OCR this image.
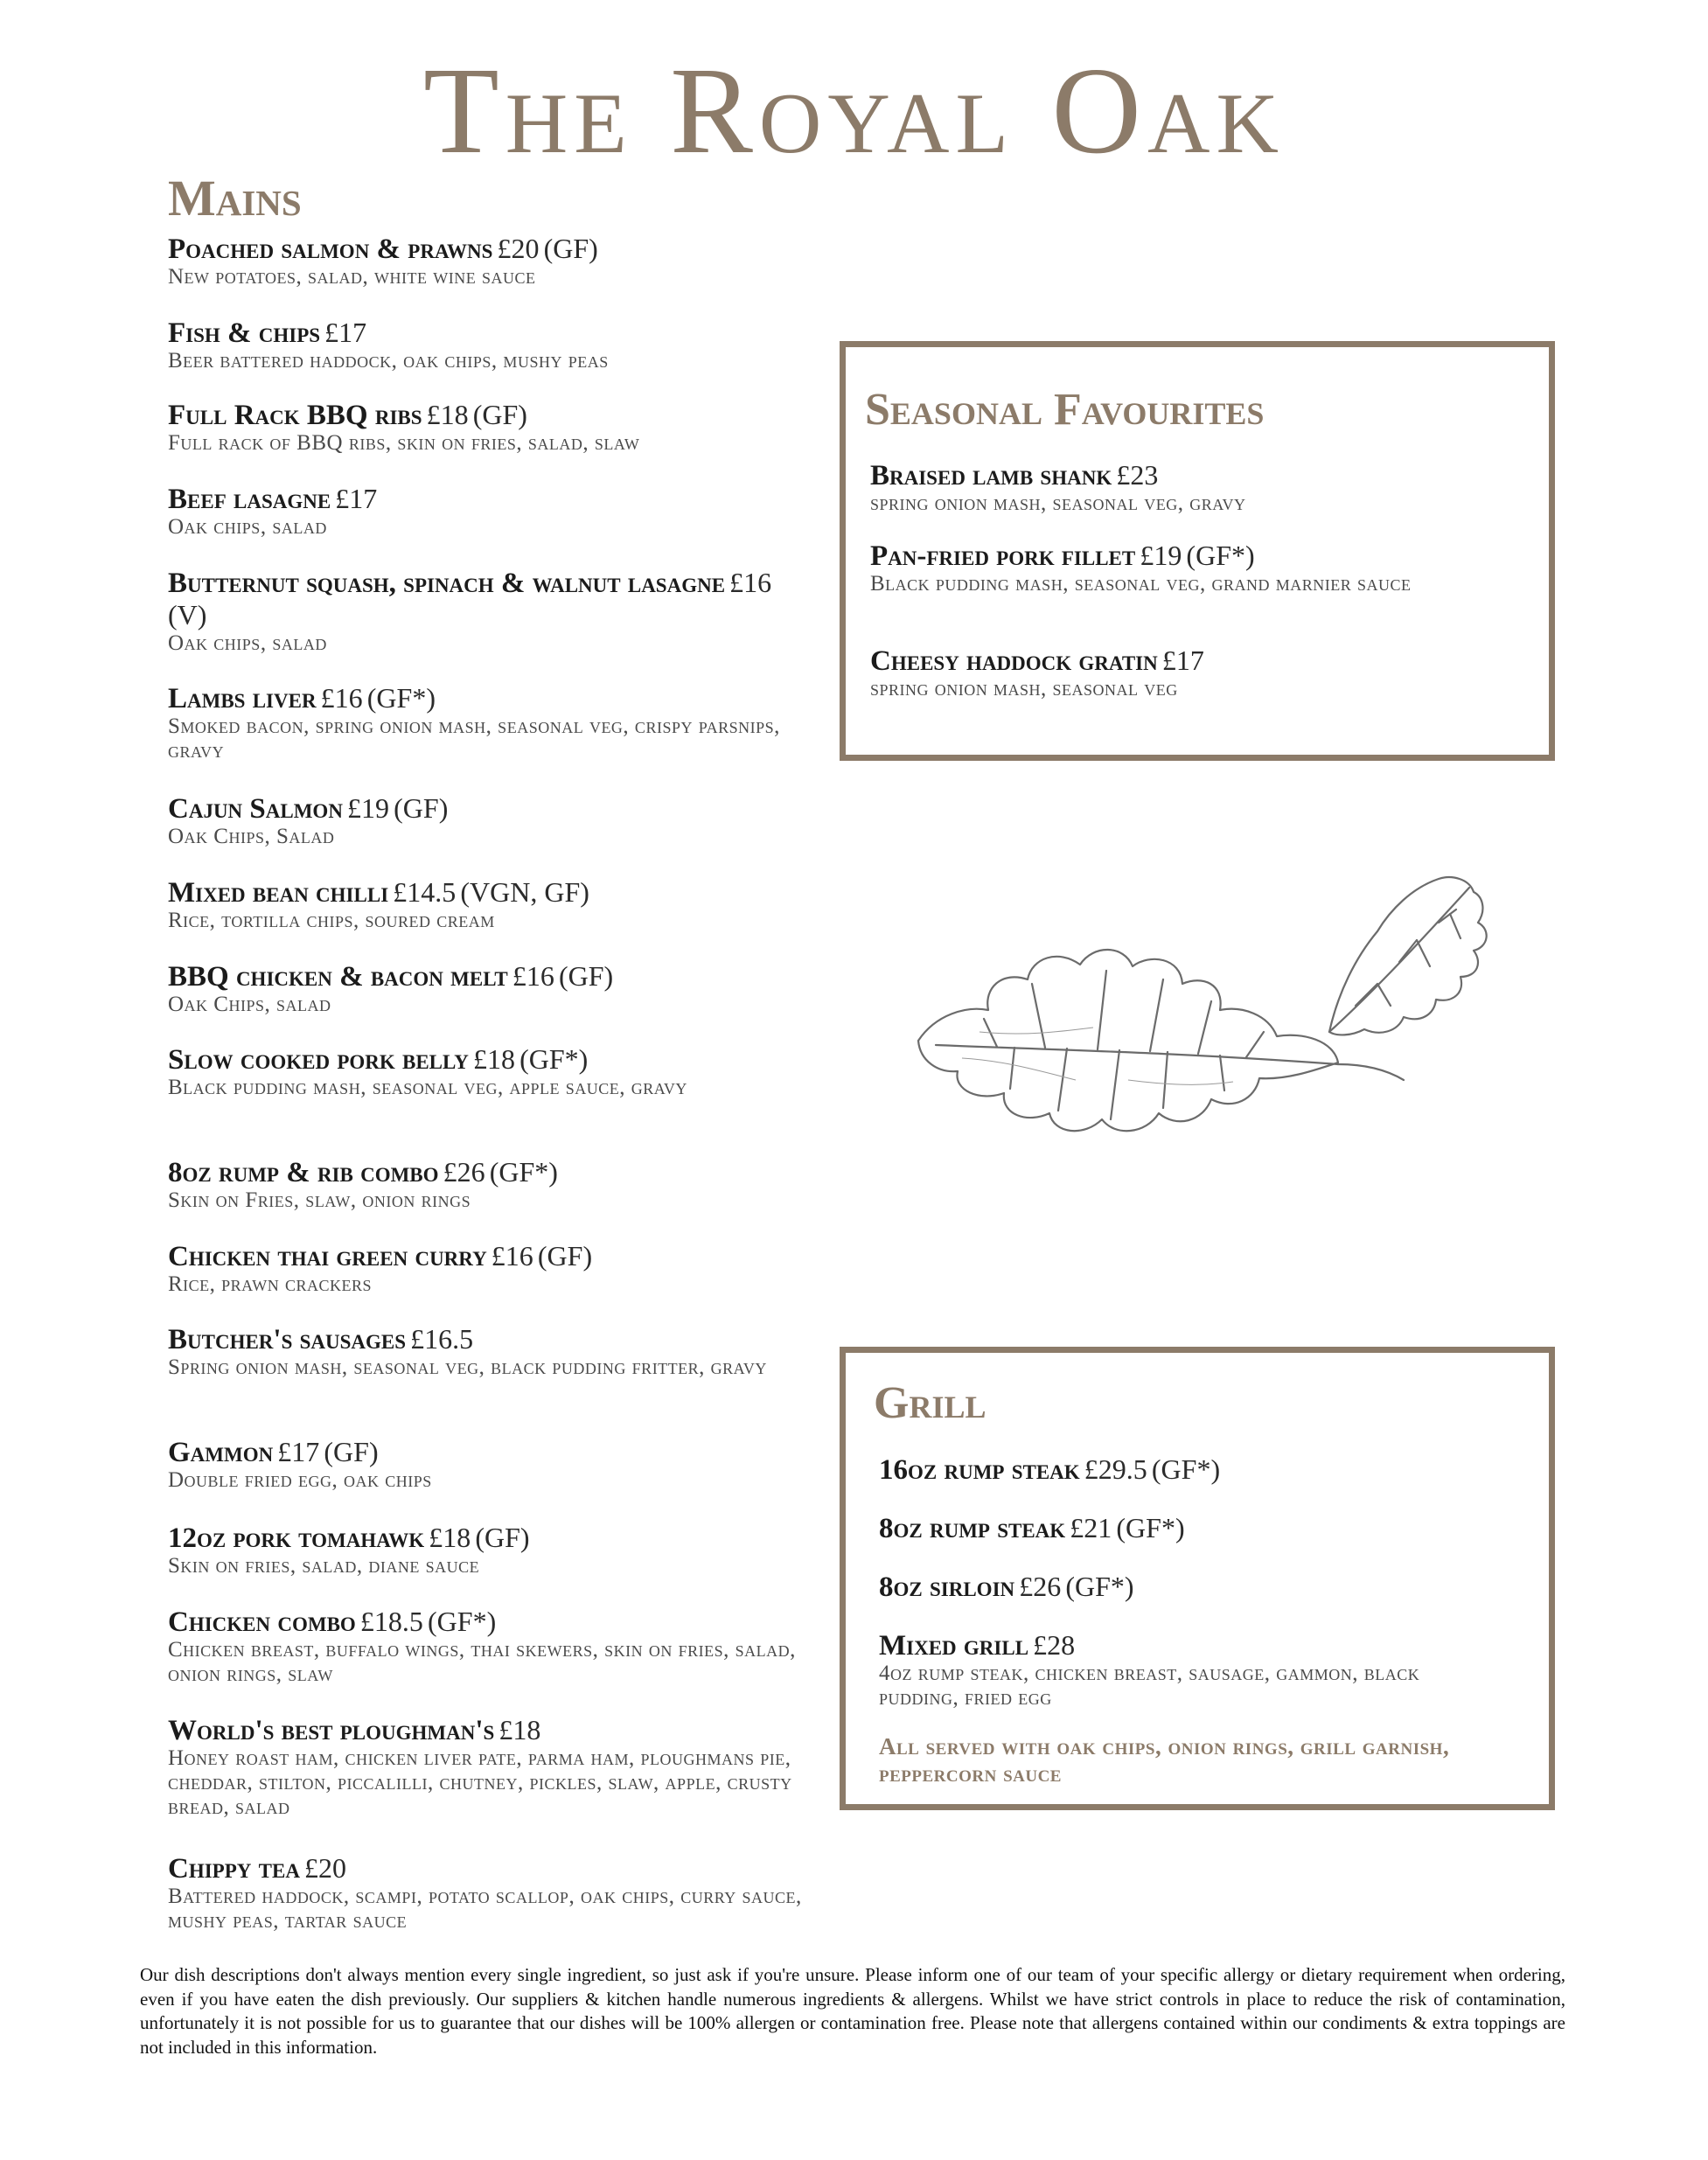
The Royal Oak
Mains
Poached salmon & prawns £20 (GF)
New potatoes, salad, white wine sauce
Fish & chips £17
Beer battered haddock, oak chips, mushy peas
Full Rack BBQ ribs £18 (GF)
Full rack of BBQ ribs, skin on fries, salad, slaw
Beef lasagne £17
Oak chips, salad
Butternut squash, spinach & walnut lasagne £16 (V)
Oak chips, salad
Lambs liver £16 (GF*)
Smoked bacon, spring onion mash, seasonal veg, crispy parsnips, gravy
Cajun Salmon £19 (GF)
Oak Chips, Salad
Mixed bean chilli £14.5 (VGN, GF)
Rice, tortilla chips, soured cream
BBQ chicken & bacon melt £16 (GF)
Oak Chips, salad
Slow cooked pork belly £18 (GF*)
Black pudding mash, seasonal veg, apple sauce, gravy
8oz rump & rib combo £26 (GF*)
Skin on Fries, slaw, onion rings
Chicken thai green curry £16 (GF)
Rice, prawn crackers
Butcher's sausages £16.5
Spring onion mash, seasonal veg, black pudding fritter, gravy
Gammon £17 (GF)
Double fried egg, oak chips
12oz pork tomahawk £18 (GF)
Skin on fries, salad, diane sauce
Chicken combo £18.5 (GF*)
Chicken breast, buffalo wings, thai skewers, skin on fries, salad, onion rings, slaw
World's best ploughman's £18
Honey roast ham, chicken liver pate, parma ham, ploughmans pie, cheddar, stilton, piccalilli, chutney, pickles, slaw, apple, crusty bread, salad
Chippy tea £20
Battered haddock, scampi, potato scallop, oak chips, curry sauce, mushy peas, tartar sauce
Seasonal Favourites
Braised lamb shank £23
spring onion mash, seasonal veg, gravy
Pan-fried pork fillet £19 (GF*)
Black pudding mash, seasonal veg, grand marnier sauce
Cheesy haddock gratin £17
spring onion mash, seasonal veg
Grill
16oz rump steak £29.5 (GF*)
8oz rump steak £21 (GF*)
8oz sirloin £26 (GF*)
Mixed grill £28
4oz rump steak, chicken breast, sausage, gammon, black pudding, fried egg
All served with oak chips, onion rings, grill garnish, peppercorn sauce
Our dish descriptions don't always mention every single ingredient, so just ask if you're unsure. Please inform one of our team of your specific allergy or dietary requirement when ordering, even if you have eaten the dish previously. Our suppliers & kitchen handle numerous ingredients & allergens. Whilst we have strict controls in place to reduce the risk of contamination, unfortunately it is not possible for us to guarantee that our dishes will be 100% allergen or contamination free. Please note that allergens contained within our condiments & extra toppings are not included in this information.
